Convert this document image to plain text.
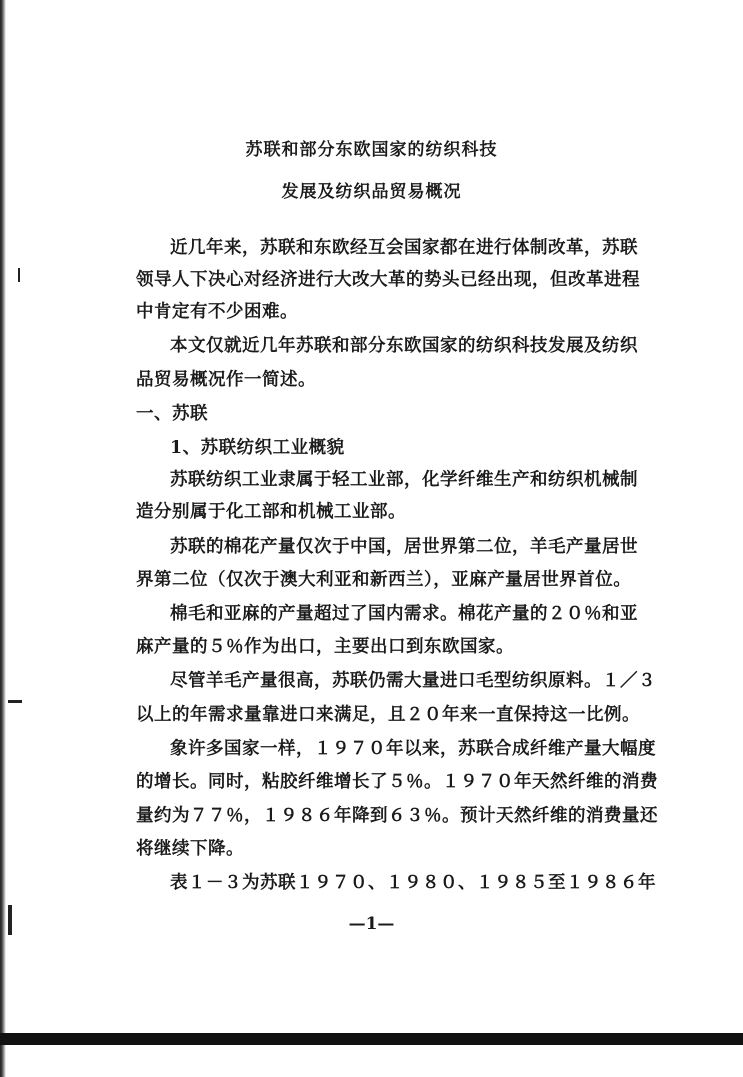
苏联和部分东欧国家的纺织科技
发展及纺织品贸易概况
近几年来，苏联和东欧经互会国家都在进行体制改革，苏联
领导人下决心对经济进行大改大革的势头已经出现，但改革进程
中肯定有不少困难。
本文仅就近几年苏联和部分东欧国家的纺织科技发展及纺织
品贸易概况作一简述。
一、苏联
1、苏联纺织工业概貌
苏联纺织工业隶属于轻工业部，化学纤维生产和纺织机械制
造分别属于化工部和机械工业部。
苏联的棉花产量仅次于中国，居世界第二位，羊毛产量居世
界第二位（仅次于澳大利亚和新西兰），亚麻产量居世界首位。
棉毛和亚麻的产量超过了国内需求。棉花产量的２０％和亚
麻产量的５％作为出口，主要出口到东欧国家。
尽管羊毛产量很高，苏联仍需大量进口毛型纺织原料。１／３
以上的年需求量靠进口来满足，且２０年来一直保持这一比例。
象许多国家一样，１９７０年以来，苏联合成纤维产量大幅度
的增长。同时，粘胶纤维增长了５％。１９７０年天然纤维的消费
量约为７７％，１９８６年降到６３％。预计天然纤维的消费量还
将继续下降。
表１－３为苏联１９７０、１９８０、１９８５至１９８６年
—1—
